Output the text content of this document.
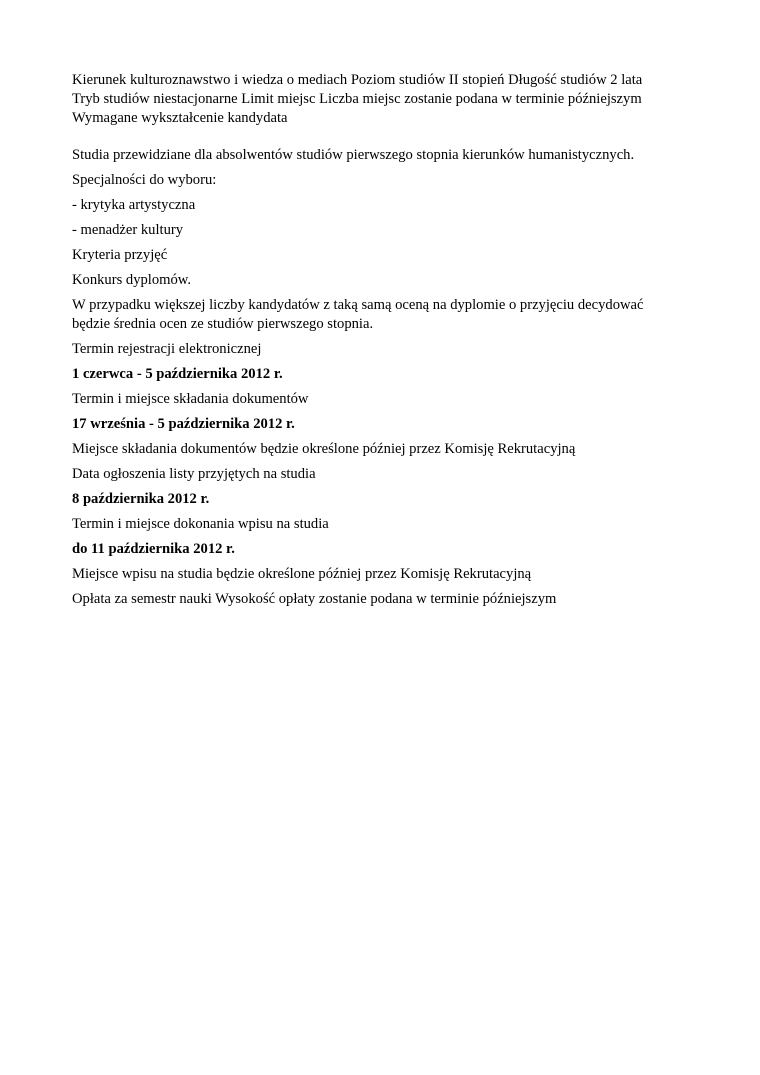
Kierunek kulturoznawstwo i wiedza o mediach Poziom studiów II stopień Długość studiów 2 lata

Tryb studiów niestacjonarne Limit miejsc Liczba miejsc zostanie podana w terminie późniejszym

Wymagane wykształcenie kandydata

Studia przewidziane dla absolwentów studiów pierwszego stopnia kierunków humanistycznych.

Specjalności do wyboru:

- krytyka artystyczna

- menadżer kultury

Kryteria przyjęć

Konkurs dyplomów.

W przypadku większej liczby kandydatów z taką samą oceną na dyplomie o przyjęciu decydować

będzie średnia ocen ze studiów pierwszego stopnia.

Termin rejestracji elektronicznej

1 czerwca - 5 października 2012 r.

Termin i miejsce składania dokumentów

17 września - 5 października 2012 r.

Miejsce składania dokumentów będzie określone później przez Komisję Rekrutacyjną

Data ogłoszenia listy przyjętych na studia

8 października 2012 r.

Termin i miejsce dokonania wpisu na studia

do 11 października 2012 r.

Miejsce wpisu na studia będzie określone później przez Komisję Rekrutacyjną

Opłata za semestr nauki Wysokość opłaty zostanie podana w terminie późniejszym
